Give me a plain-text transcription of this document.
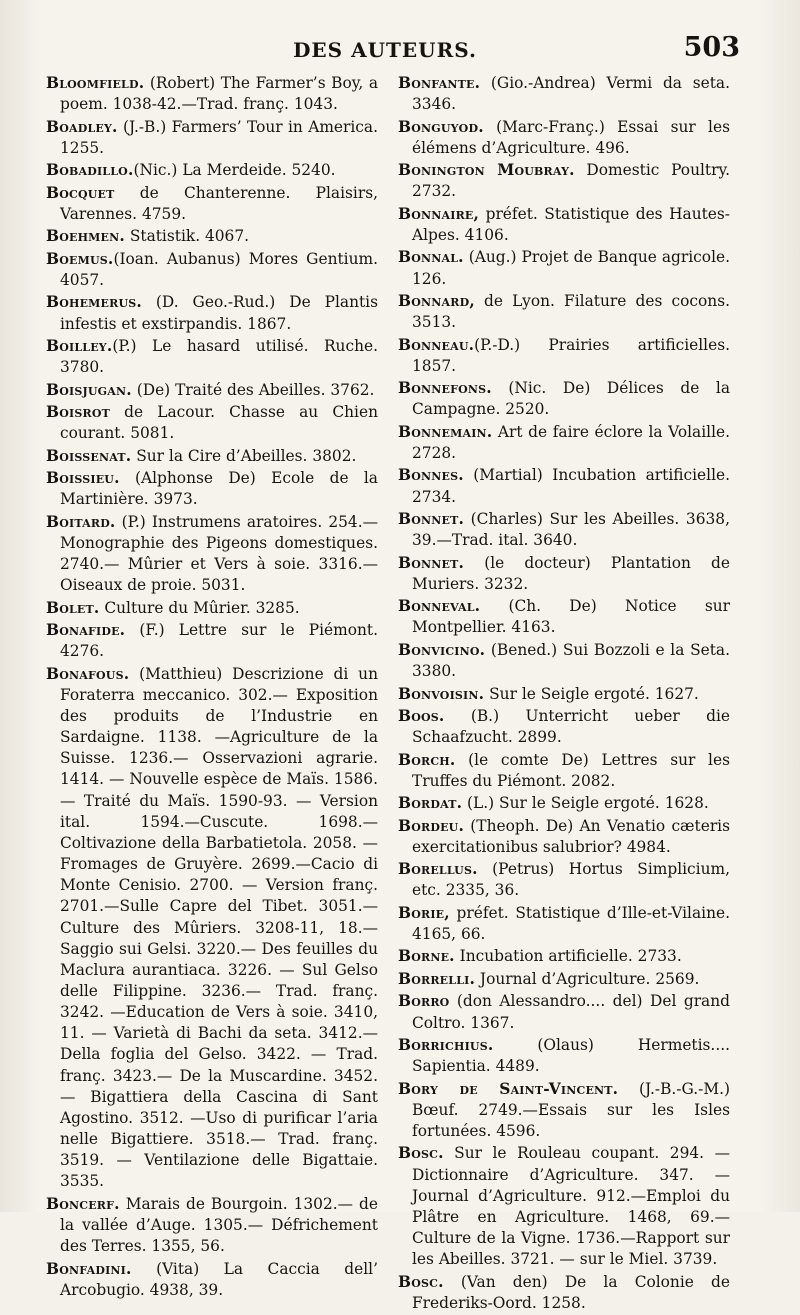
DES AUTEURS.	503

Bloomfield. (Robert) The Farmer’s Boy, a poem. 1038-42.—Trad. franç. 1043.

Boadley. (J.-B.) Farmers’ Tour in America. 1255.

Bobadillo.(Nic.) La Merdeide. 5240.

Bocquet de Chanterenne. Plaisirs, Varennes. 4759.

Boehmen. Statistik. 4067.

Boemus.(Ioan. Aubanus) Mores Gentium. 4057.

Bohemerus. (D. Geo.-Rud.) De Plantis infestis et exstirpandis. 1867.

Boilley.(P.) Le hasard utilisé. Ruche. 3780.

Boisjugan. (De) Traité des Abeilles. 3762.

Boisrot de Lacour. Chasse au Chien courant. 5081.

Boissenat. Sur la Cire d’Abeilles. 3802.

Boissieu. (Alphonse De) Ecole de la Martinière. 3973.

Boitard. (P.) Instrumens aratoires. 254.—Monographie des Pigeons domestiques. 2740.— Mûrier et Vers à soie. 3316.—Oiseaux de proie. 5031.

Bolet. Culture du Mûrier. 3285.

Bonafide. (F.) Lettre sur le Piémont. 4276.

Bonafous. (Matthieu) Descrizione di un Foraterra meccanico. 302.— Exposition des produits de l’Industrie en Sardaigne. 1138. —Agriculture de la Suisse. 1236.— Osservazioni agrarie. 1414. — Nouvelle espèce de Maïs. 1586. — Traité du Maïs. 1590-93. — Version ital. 1594.—Cuscute. 1698.— Coltivazione della Barbatietola. 2058. —Fromages de Gruyère. 2699.—Cacio di Monte Cenisio. 2700. — Version franç. 2701.—Sulle Capre del Tibet. 3051.—Culture des Mûriers. 3208-11, 18.— Saggio sui Gelsi. 3220.— Des feuilles du Maclura aurantiaca. 3226. — Sul Gelso delle Filippine. 3236.— Trad. franç. 3242. —Education de Vers à soie. 3410, 11. — Varietà di Bachi da seta. 3412.—Della foglia del Gelso. 3422. — Trad. franç. 3423.— De la Muscardine. 3452.— Bigattiera della Cascina di Sant Agostino. 3512. —Uso di purificar l’aria nelle Bigattiere. 3518.— Trad. franç. 3519. — Ventilazione delle Bigattaie. 3535.

Boncerf. Marais de Bourgoin. 1302.— de la vallée d’Auge. 1305.— Défrichement des Terres. 1355, 56.

Bonfadini. (Vita) La Caccia dell’ Arcobugio. 4938, 39.

Bonfante. (Gio.-Andrea) Vermi da seta. 3346.

Bonguyod. (Marc-Franç.) Essai sur les élémens d’Agriculture. 496.

Bonington Moubray. Domestic Poultry. 2732.

Bonnaire, préfet. Statistique des Hautes-Alpes. 4106.

Bonnal. (Aug.) Projet de Banque agricole. 126.

Bonnard, de Lyon. Filature des cocons. 3513.

Bonneau.(P.-D.) Prairies artificielles. 1857.

Bonnefons. (Nic. De) Délices de la Campagne. 2520.

Bonnemain. Art de faire éclore la Volaille. 2728.

Bonnes. (Martial) Incubation artificielle. 2734.

Bonnet. (Charles) Sur les Abeilles. 3638, 39.—Trad. ital. 3640.

Bonnet. (le docteur) Plantation de Muriers. 3232.

Bonneval. (Ch. De) Notice sur Montpellier. 4163.

Bonvicino. (Bened.) Sui Bozzoli e la Seta. 3380.

Bonvoisin. Sur le Seigle ergoté. 1627.

Boos. (B.) Unterricht ueber die Schaafzucht. 2899.

Borch. (le comte De) Lettres sur les Truffes du Piémont. 2082.

Bordat. (L.) Sur le Seigle ergoté. 1628.

Bordeu. (Theoph. De) An Venatio cæteris exercitationibus salubrior? 4984.

Borellus. (Petrus) Hortus Simplicium, etc. 2335, 36.

Borie, préfet. Statistique d’Ille-et-Vilaine. 4165, 66.

Borne. Incubation artificielle. 2733.

Borrelli. Journal d’Agriculture. 2569.

Borro (don Alessandro.... del) Del grand Coltro. 1367.

Borrichius. (Olaus) Hermetis.... Sapientia. 4489.

Bory de Saint-Vincent. (J.-B.-G.-M.) Bœuf. 2749.—Essais sur les Isles fortunées. 4596.

Bosc. Sur le Rouleau coupant. 294. — Dictionnaire d’Agriculture. 347. — Journal d’Agriculture. 912.—Emploi du Plâtre en Agriculture. 1468, 69.— Culture de la Vigne. 1736.—Rapport sur les Abeilles. 3721. — sur le Miel. 3739.

Bosc. (Van den) De la Colonie de Frederiks-Oord. 1258.
